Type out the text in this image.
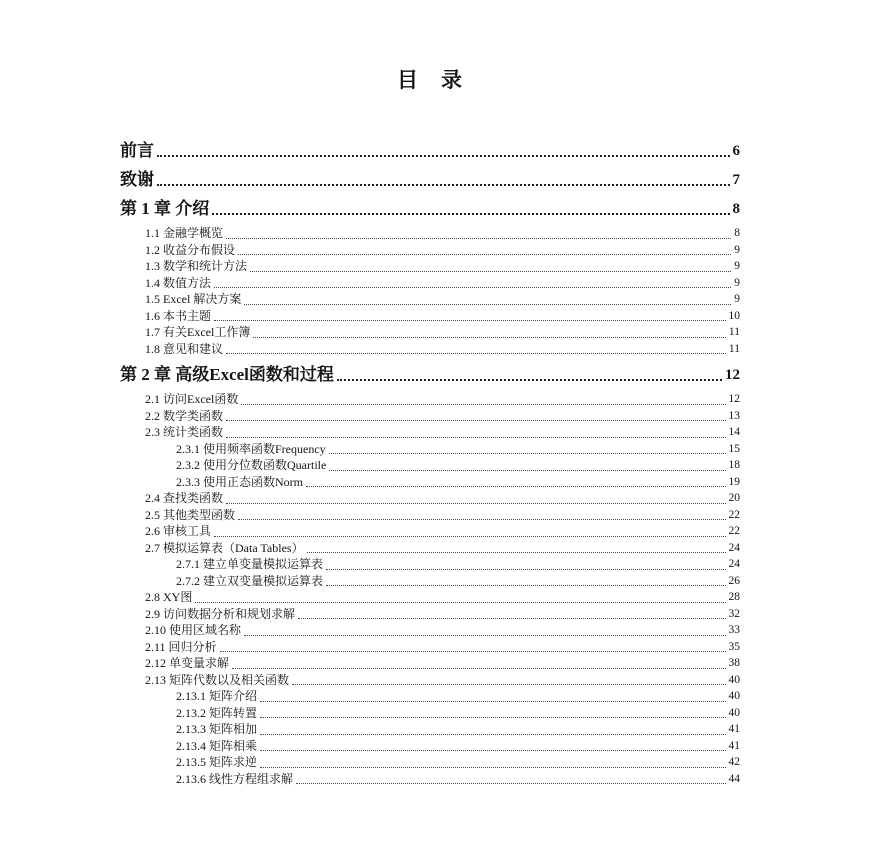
目　录
前言	6
致谢	7
第 1 章 介绍	8
1.1 金融学概览	8
1.2 收益分布假设	9
1.3 数学和统计方法	9
1.4 数值方法	9
1.5 Excel 解决方案	9
1.6 本书主题	10
1.7 有关Excel工作簿	11
1.8 意见和建议	11
第 2 章 高级Excel函数和过程	12
2.1 访问Excel函数	12
2.2 数学类函数	13
2.3 统计类函数	14
2.3.1 使用频率函数Frequency	15
2.3.2 使用分位数函数Quartile	18
2.3.3 使用正态函数Norm	19
2.4 查找类函数	20
2.5 其他类型函数	22
2.6 审核工具	22
2.7 模拟运算表（Data Tables）	24
2.7.1 建立单变量模拟运算表	24
2.7.2 建立双变量模拟运算表	26
2.8 XY图	28
2.9 访问数据分析和规划求解	32
2.10 使用区域名称	33
2.11 回归分析	35
2.12 单变量求解	38
2.13 矩阵代数以及相关函数	40
2.13.1 矩阵介绍	40
2.13.2 矩阵转置	40
2.13.3 矩阵相加	41
2.13.4 矩阵相乘	41
2.13.5 矩阵求逆	42
2.13.6 线性方程组求解	44
